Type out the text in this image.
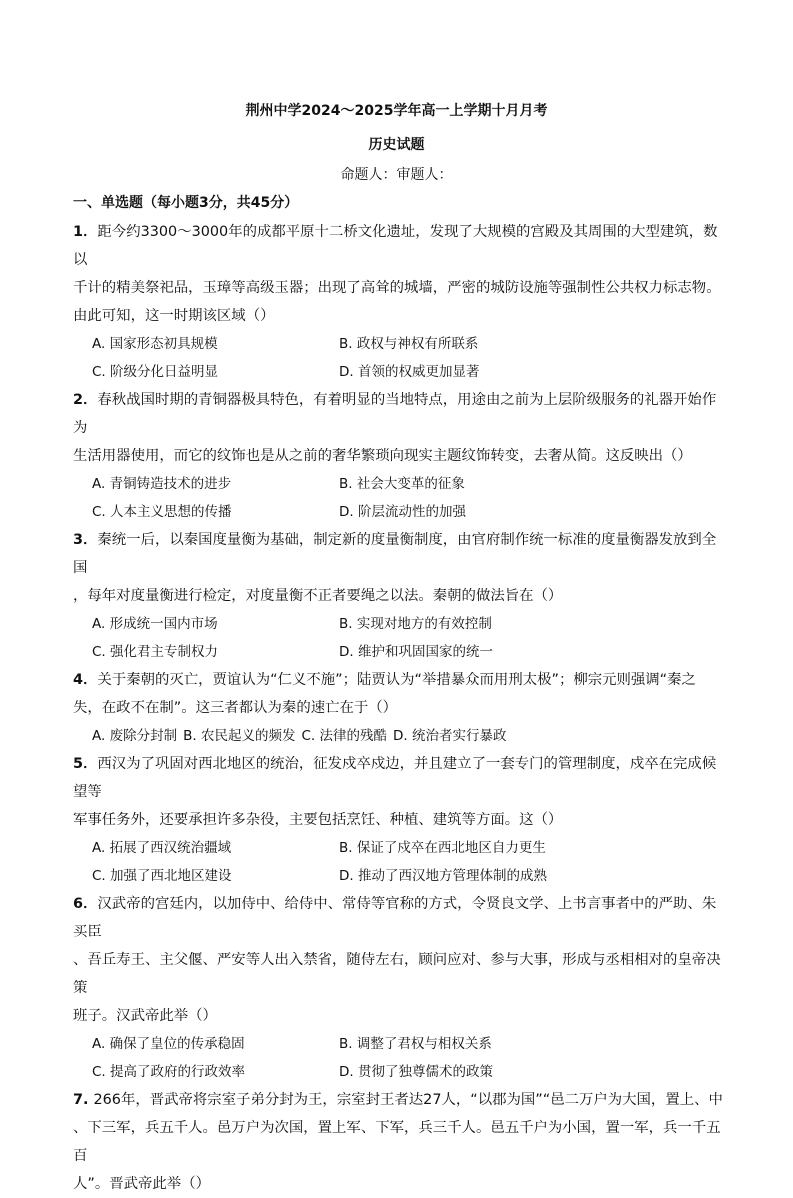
荆州中学2024～2025学年高一上学期十月月考
历史试题
命题人：审题人：
一、单选题（每小题3分，共45分）
1．距今约3300～3000年的成都平原十二桥文化遗址，发现了大规模的宫殿及其周围的大型建筑，数以
千计的精美祭祀品，玉璋等高级玉器；出现了高耸的城墙，严密的城防设施等强制性公共权力标志物。
由此可知，这一时期该区域（）
A. 国家形态初具规模	B. 政权与神权有所联系
C. 阶级分化日益明显	D. 首领的权威更加显著
2．春秋战国时期的青铜器极具特色，有着明显的当地特点，用途由之前为上层阶级服务的礼器开始作为
生活用器使用，而它的纹饰也是从之前的奢华繁琐向现实主题纹饰转变，去奢从简。这反映出（）
A. 青铜铸造技术的进步	B. 社会大变革的征象
C. 人本主义思想的传播	D. 阶层流动性的加强
3．秦统一后，以秦国度量衡为基础，制定新的度量衡制度，由官府制作统一标准的度量衡器发放到全国
，每年对度量衡进行检定，对度量衡不正者要绳之以法。秦朝的做法旨在（）
A. 形成统一国内市场	B. 实现对地方的有效控制
C. 强化君主专制权力	D. 维护和巩固国家的统一
4．关于秦朝的灭亡，贾谊认为“仁义不施”；陆贾认为“举措暴众而用刑太极”；柳宗元则强调“秦之
失，在政不在制”。这三者都认为秦的速亡在于（）
A. 废除分封制 B. 农民起义的频发 C. 法律的残酷 D. 统治者实行暴政
5．西汉为了巩固对西北地区的统治，征发戍卒戍边，并且建立了一套专门的管理制度，戍卒在完成候望等
军事任务外，还要承担许多杂役，主要包括烹饪、种植、建筑等方面。这（）
A. 拓展了西汉统治疆域	B. 保证了戍卒在西北地区自力更生
C. 加强了西北地区建设	D. 推动了西汉地方管理体制的成熟
6．汉武帝的宫廷内，以加侍中、给侍中、常侍等官称的方式，令贤良文学、上书言事者中的严助、朱买臣
、吾丘寿王、主父偃、严安等人出入禁省，随侍左右，顾问应对、参与大事，形成与丞相相对的皇帝决策
班子。汉武帝此举（）
A. 确保了皇位的传承稳固	B. 调整了君权与相权关系
C. 提高了政府的行政效率	D. 贯彻了独尊儒术的政策
7. 266年，晋武帝将宗室子弟分封为王，宗室封王者达27人，“以郡为国”“邑二万户为大国，置上、中
、下三军，兵五千人。邑万户为次国，置上军、下军，兵三千人。邑五千户为小国，置一军，兵一千五百
人”。晋武帝此举（）
